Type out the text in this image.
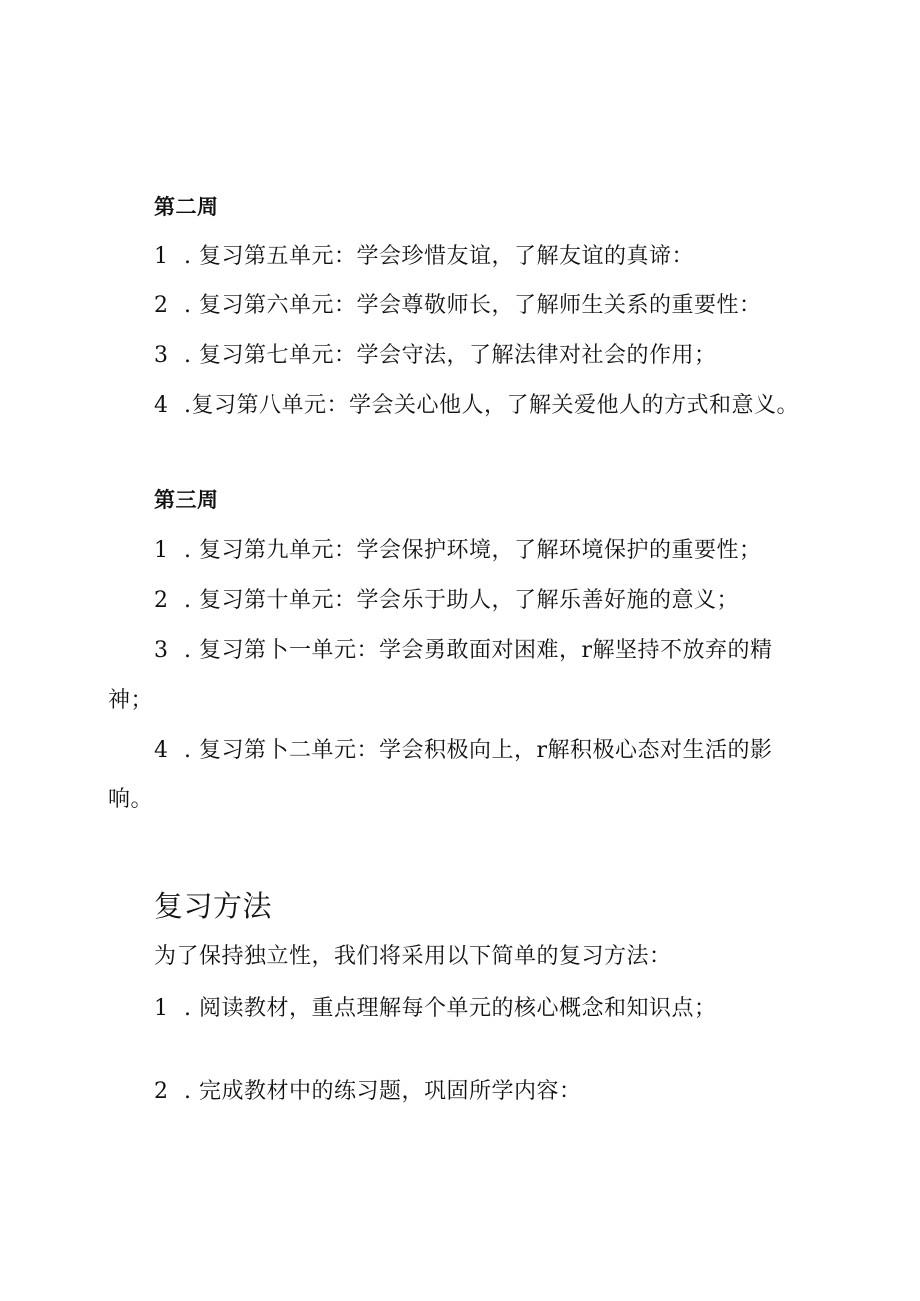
第二周
1 . 复习第五单元：学会珍惜友谊，了解友谊的真谛：
2 . 复习第六单元：学会尊敬师长，了解师生关系的重要性：
3 . 复习第七单元：学会守法，了解法律对社会的作用；
4 .复习第八单元：学会关心他人，了解关爱他人的方式和意义。
第三周
1 . 复习第九单元：学会保护环境，了解环境保护的重要性；
2 . 复习第十单元：学会乐于助人，了解乐善好施的意义；
3 . 复习第卜一单元：学会勇敢面对困难，r解坚持不放弃的精
神；
4 . 复习第卜二单元：学会积极向上，r解积极心态对生活的影
响。
复习方法
为了保持独立性，我们将采用以下简单的复习方法：
1 . 阅读教材，重点理解每个单元的核心概念和知识点；
2 . 完成教材中的练习题，巩固所学内容：
